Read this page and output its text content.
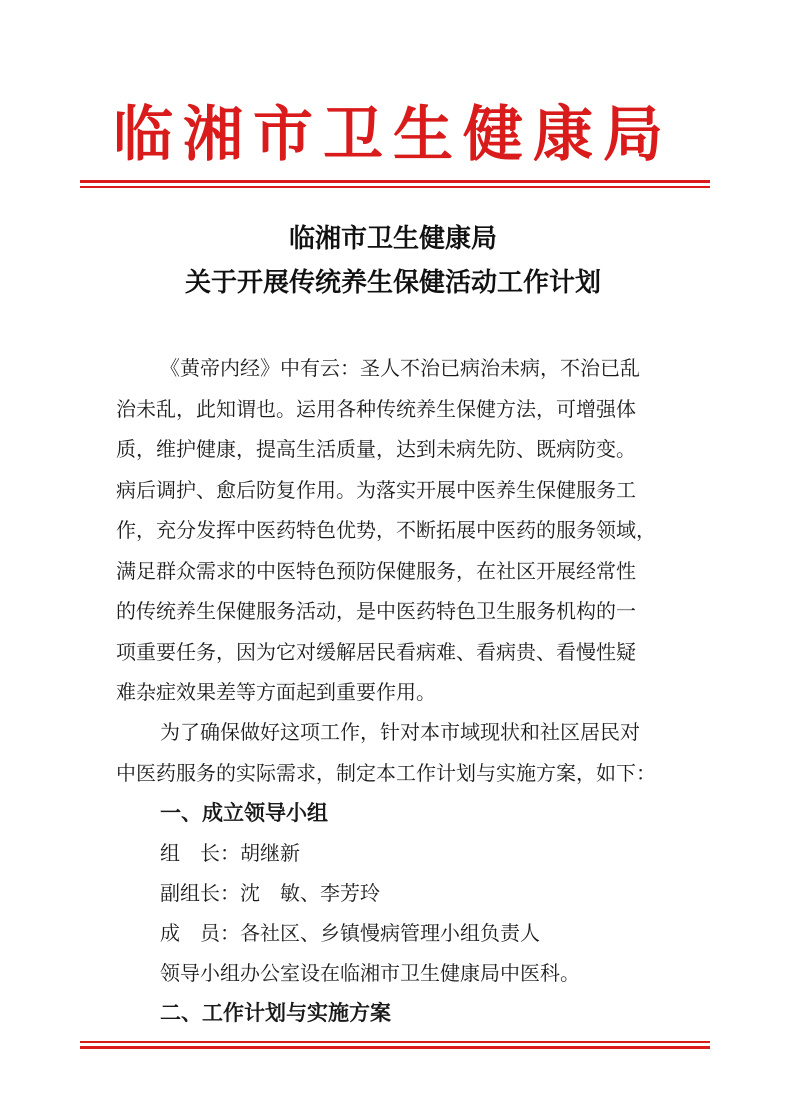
临湘市卫生健康局
临湘市卫生健康局
关于开展传统养生保健活动工作计划
《黄帝内经》中有云：圣人不治已病治未病，不治已乱
治未乱，此知谓也。运用各种传统养生保健方法，可增强体
质，维护健康，提高生活质量，达到未病先防、既病防变。
病后调护、愈后防复作用。为落实开展中医养生保健服务工
作，充分发挥中医药特色优势，不断拓展中医药的服务领域，
满足群众需求的中医特色预防保健服务，在社区开展经常性
的传统养生保健服务活动，是中医药特色卫生服务机构的一
项重要任务，因为它对缓解居民看病难、看病贵、看慢性疑
难杂症效果差等方面起到重要作用。
为了确保做好这项工作，针对本市域现状和社区居民对
中医药服务的实际需求，制定本工作计划与实施方案，如下：
一、成立领导小组
组　长：胡继新
副组长：沈　敏、李芳玲
成　员：各社区、乡镇慢病管理小组负责人
领导小组办公室设在临湘市卫生健康局中医科。
二、工作计划与实施方案
